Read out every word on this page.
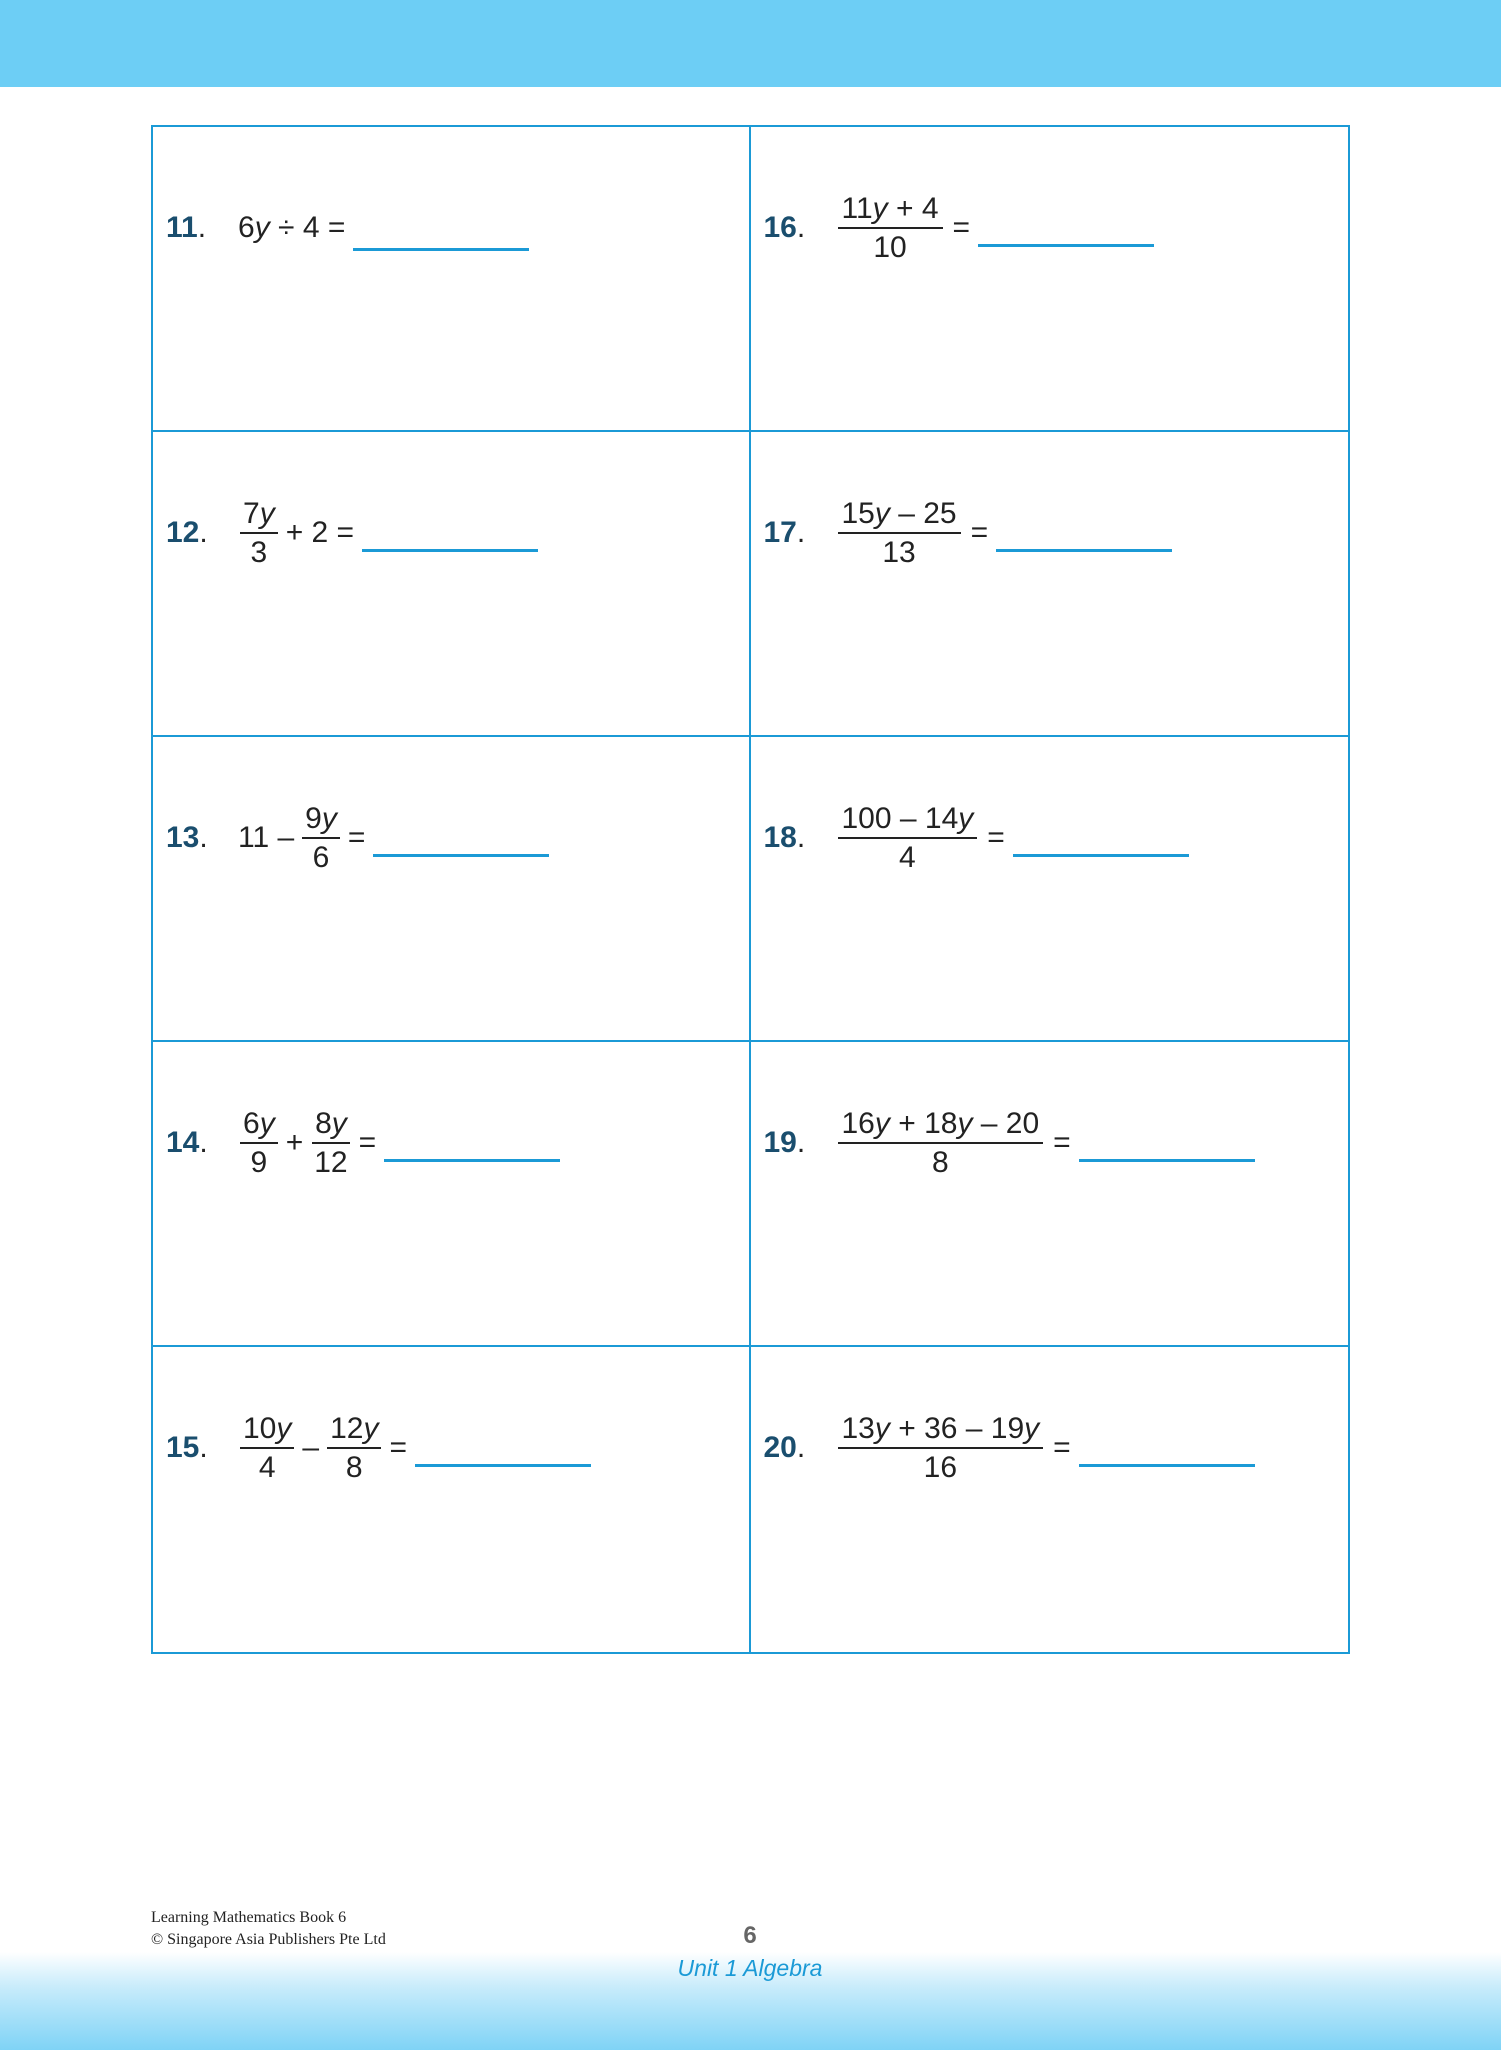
11.	6 y ÷ 4 =	16.	$\frac{11y + 4}{10}$ =
12.	$\frac{7y}{3} + 2$ =	17.	$\frac{15y - 25}{13}$ =
13.	$11 - \frac{9y}{6}$ =	18.	$\frac{100 - 14y}{4}$ =
14.	$\frac{6y}{9} + \frac{8y}{12}$ =	19.	$\frac{16y + 18y - 20}{8}$ =
15.	$\frac{10y}{4} - \frac{12y}{8}$ =	20.	$\frac{13y + 36 - 19y}{16}$ =
Learning Mathematics Book 6
© Singapore Asia Publishers Pte Ltd	6
Unit 1 Algebra
